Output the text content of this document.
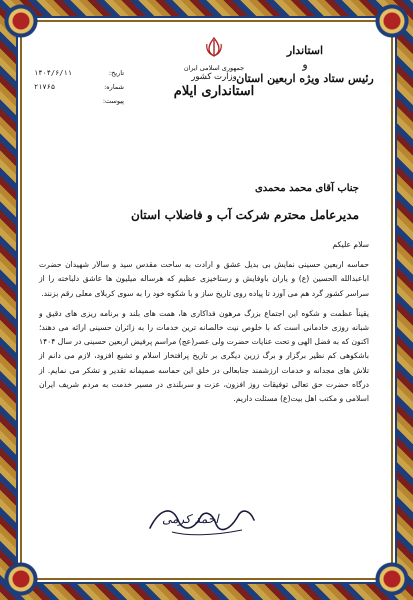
استاندار
و
رئیس ستاد ویژه اربعین استان
جمهوری اسلامی ایران
وزارت کشور
استانداری ایلام
تاریخ:
۱۴۰۴/۶/۱۱
شماره:
۲۱۷۶۵
پیوست:
جناب آقای محمد محمدی
مدیرعامل محترم شرکت آب و فاضلاب استان

سلام علیکم

حماسه اربعین حسینی نمایش بی بدیل عشق و ارادت به ساحت مقدس سید و سالار شهیدان حضرت اباعبدالله الحسین (ع) و یاران باوفایش و رستاخیزی عظیم که هرساله میلیون ها عاشق دلباخته را از سراسر کشور گرد هم می آورد تا پیاده روی تاریخ ساز و با شکوه خود را به سوی کربلای معلی رقم بزنند.

یقیناً عظمت و شکوه این اجتماع بزرگ مرهون فداکاری ها، همت های بلند و برنامه ریزی های دقیق و شبانه روزی خادمانی است که با خلوص نیت خالصانه ترین خدمات را به زائران حسینی ارائه می دهند؛ اکنون که به فضل الهی و تحت عنایات حضرت ولی عصر(عج) مراسم پرفیض اربعین حسینی در سال ۱۴۰۴ باشکوهی کم نظیر برگزار و برگ زرین دیگری بر تاریخ پرافتخار اسلام و تشیع افزود، لازم می دانم از تلاش های مجدانه و خدمات ارزشمند جنابعالی در خلق این حماسه صمیمانه تقدیر و تشکر می نمایم. از درگاه حضرت حق تعالی توفیقات روز افزون، عزت و سربلندی در مسیر خدمت به مردم شریف ایران اسلامی و مکتب اهل بیت(ع) مسئلت داریم.

احمد کرمی
